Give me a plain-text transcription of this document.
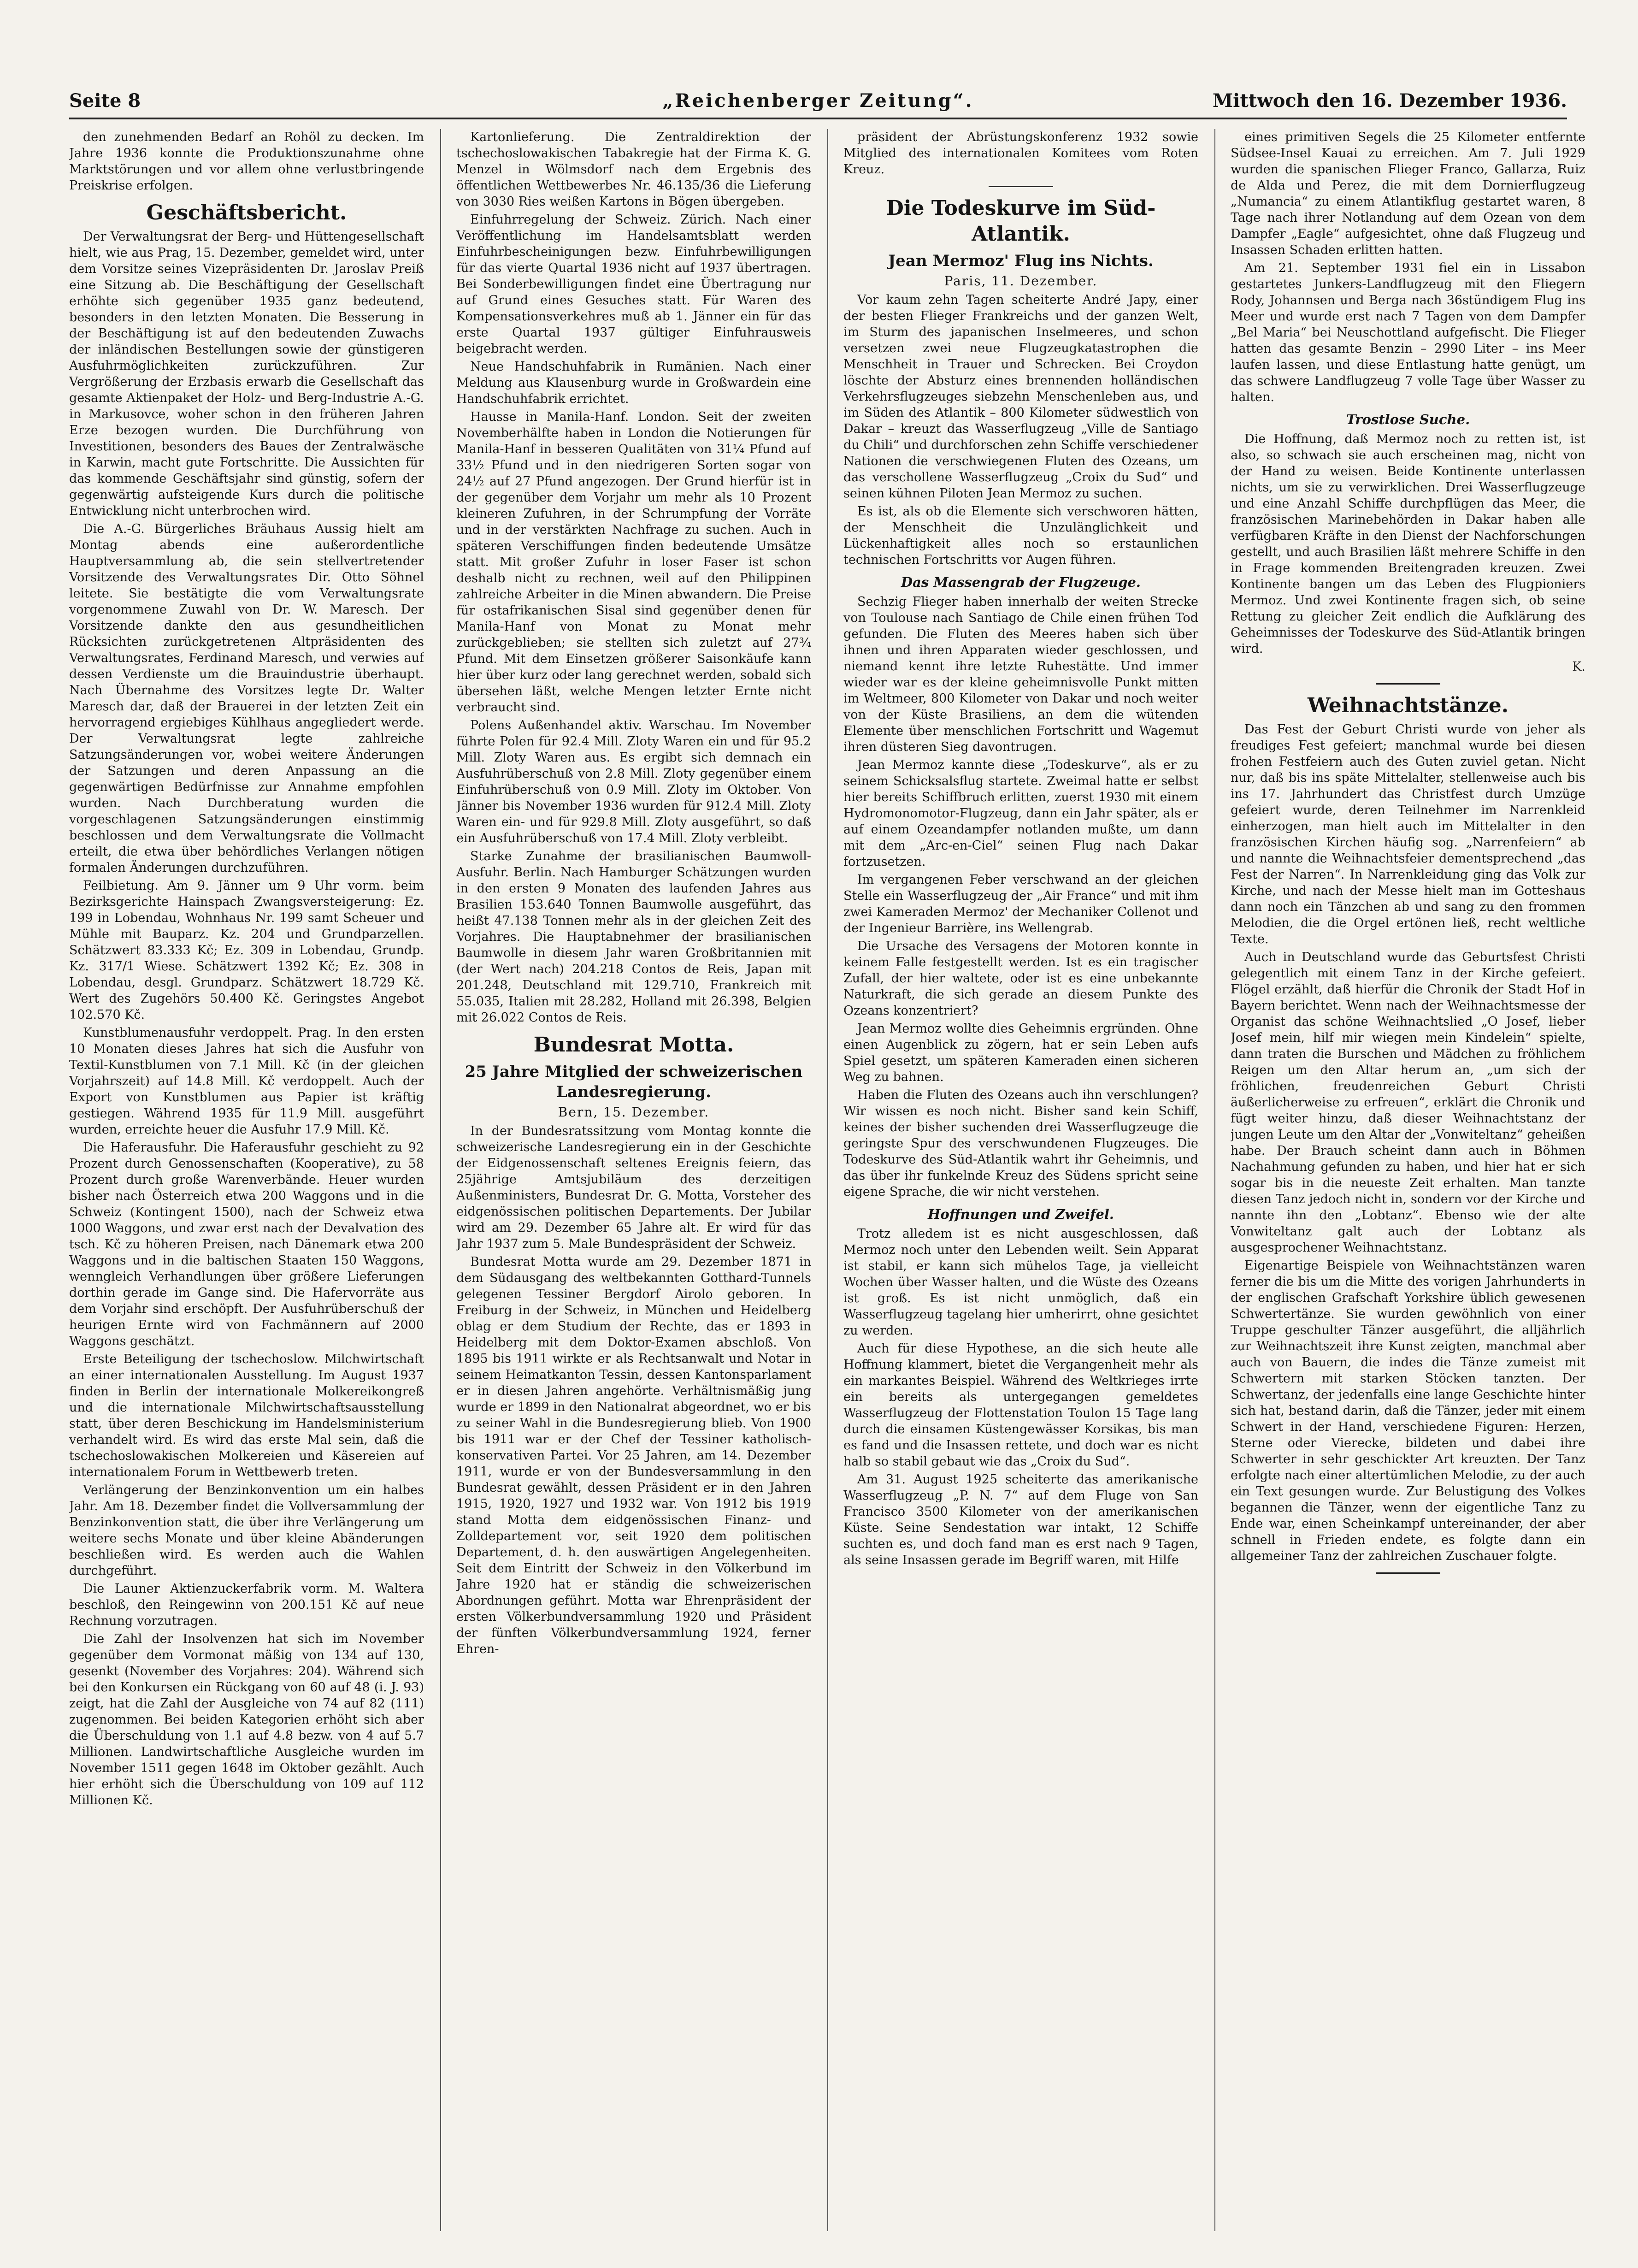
Seite 8	„Reichenberger Zeitung“.	Mittwoch den 16. Dezember 1936.

den zunehmenden Bedarf an Rohöl zu decken. Im Jahre 1936 konnte die Produktionszunahme ohne Marktstörungen und vor allem ohne verlustbringende Preiskrise erfolgen.

Geschäftsbericht.

Der Verwaltungsrat der Berg- und Hüttengesellschaft hielt, wie aus Prag, 15. Dezember, gemeldet wird, unter dem Vorsitze seines Vizepräsidenten Dr. Jaroslav Preiß eine Sitzung ab. Die Beschäftigung der Gesellschaft erhöhte sich gegenüber 1935 ganz bedeutend, besonders in den letzten Monaten. Die Besserung in der Beschäftigung ist auf den bedeutenden Zuwachs der inländischen Bestellungen sowie der günstigeren Ausfuhrmöglichkeiten zurückzuführen. Zur Vergrößerung der Erzbasis erwarb die Gesellschaft das gesamte Aktienpaket der Holz- und Berg-Industrie A.-G. in Markusovce, woher schon in den früheren Jahren Erze bezogen wurden. Die Durchführung von Investitionen, besonders des Baues der Zentralwäsche in Karwin, macht gute Fortschritte. Die Aussichten für das kommende Geschäftsjahr sind günstig, sofern der gegenwärtig aufsteigende Kurs durch die politische Entwicklung nicht unterbrochen wird.

Die A.-G. Bürgerliches Bräuhaus Aussig hielt am Montag abends eine außerordentliche Hauptversammlung ab, die sein stellvertretender Vorsitzende des Verwaltungsrates Dir. Otto Söhnel leitete. Sie bestätigte die vom Verwaltungsrate vorgenommene Zuwahl von Dr. W. Maresch. Der Vorsitzende dankte den aus gesundheitlichen Rücksichten zurückgetretenen Altpräsidenten des Verwaltungsrates, Ferdinand Maresch, und verwies auf dessen Verdienste um die Brauindustrie überhaupt. Nach Übernahme des Vorsitzes legte Dr. Walter Maresch dar, daß der Brauerei in der letzten Zeit ein hervorragend ergiebiges Kühlhaus angegliedert werde. Der Verwaltungsrat legte zahlreiche Satzungsänderungen vor, wobei weitere Änderungen der Satzungen und deren Anpassung an die gegenwärtigen Bedürfnisse zur Annahme empfohlen wurden. Nach Durchberatung wurden die vorgeschlagenen Satzungsänderungen einstimmig beschlossen und dem Verwaltungsrate die Vollmacht erteilt, die etwa über behördliches Verlangen nötigen formalen Änderungen durchzuführen.

Feilbietung. Am 9. Jänner um 9 Uhr vorm. beim Bezirksgerichte Hainspach Zwangsversteigerung: Ez. 199 in Lobendau, Wohnhaus Nr. 199 samt Scheuer und Mühle mit Bauparz. Kz. 204 und Grundparzellen. Schätzwert 83.333 Kč; Ez. 309 in Lobendau, Grundp. Kz. 317/1 Wiese. Schätzwert 1392 Kč; Ez. 308 in Lobendau, desgl. Grundparz. Schätzwert 18.729 Kč. Wert des Zugehörs 50.400 Kč. Geringstes Angebot 102.570 Kč.

Kunstblumenausfuhr verdoppelt. Prag. In den ersten 10 Monaten dieses Jahres hat sich die Ausfuhr von Textil-Kunstblumen von 7.1 Mill. Kč (in der gleichen Vorjahrszeit) auf 14.8 Mill. Kč verdoppelt. Auch der Export von Kunstblumen aus Papier ist kräftig gestiegen. Während 1935 für 11.9 Mill. ausgeführt wurden, erreichte heuer die Ausfuhr 17.9 Mill. Kč.

Die Haferausfuhr. Die Haferausfuhr geschieht zu 92 Prozent durch Genossenschaften (Kooperative), zu 58 Prozent durch große Warenverbände. Heuer wurden bisher nach Österreich etwa 200 Waggons und in die Schweiz (Kontingent 1500), nach der Schweiz etwa 1000 Waggons, und zwar erst nach der Devalvation des tsch. Kč zu höheren Preisen, nach Dänemark etwa 200 Waggons und in die baltischen Staaten 150 Waggons, wenngleich Verhandlungen über größere Lieferungen dorthin gerade im Gange sind. Die Hafervorräte aus dem Vorjahr sind erschöpft. Der Ausfuhrüberschuß der heurigen Ernte wird von Fachmännern auf 2000 Waggons geschätzt.

Erste Beteiligung der tschechoslow. Milchwirtschaft an einer internationalen Ausstellung. Im August 1937 finden in Berlin der internationale Molkereikongreß und die internationale Milchwirtschaftsausstellung statt, über deren Beschickung im Handelsministerium verhandelt wird. Es wird das erste Mal sein, daß die tschechoslowakischen Molkereien und Käsereien auf internationalem Forum in Wettbewerb treten.

Verlängerung der Benzinkonvention um ein halbes Jahr. Am 18. Dezember findet die Vollversammlung der Benzinkonvention statt, die über ihre Verlängerung um weitere sechs Monate und über kleine Abänderungen beschließen wird. Es werden auch die Wahlen durchgeführt.

Die Launer Aktienzuckerfabrik vorm. M. Waltera beschloß, den Reingewinn von 200.151 Kč auf neue Rechnung vorzutragen.

Die Zahl der Insolvenzen hat sich im November gegenüber dem Vormonat mäßig von 134 auf 130, gesenkt (November des Vorjahres: 204). Während sich bei den Konkursen ein Rückgang von 60 auf 48 (i. J. 93) zeigt, hat die Zahl der Ausgleiche von 74 auf 82 (111) zugenommen. Bei beiden Kategorien erhöht sich aber die Überschuldung von 1.1 auf 4.8 bezw. von 4 auf 5.7 Millionen. Landwirtschaftliche Ausgleiche wurden im November 1511 gegen 1648 im Oktober gezählt. Auch hier erhöht sich die Überschuldung von 109 auf 112 Millionen Kč.

Kartonlieferung. Die Zentraldirektion der tschechoslowakischen Tabakregie hat der Firma K. G. Menzel in Wölmsdorf nach dem Ergebnis des öffentlichen Wettbewerbes Nr. 46.135/36 die Lieferung von 3030 Ries weißen Kartons in Bögen übergeben.

Einfuhrregelung der Schweiz. Zürich. Nach einer Veröffentlichung im Handelsamtsblatt werden Einfuhrbescheinigungen bezw. Einfuhrbewilligungen für das vierte Quartal 1936 nicht auf 1937 übertragen. Bei Sonderbewilligungen findet eine Übertragung nur auf Grund eines Gesuches statt. Für Waren des Kompensationsverkehres muß ab 1. Jänner ein für das erste Quartal 1937 gültiger Einfuhrausweis beigebracht werden.

Neue Handschuhfabrik in Rumänien. Nach einer Meldung aus Klausenburg wurde in Großwardein eine Handschuhfabrik errichtet.

Hausse in Manila-Hanf. London. Seit der zweiten Novemberhälfte haben in London die Notierungen für Manila-Hanf in besseren Qualitäten von 31¼ Pfund auf 33½ Pfund und in den niedrigeren Sorten sogar von 24½ auf 27 Pfund angezogen. Der Grund hierfür ist in der gegenüber dem Vorjahr um mehr als 10 Prozent kleineren Zufuhren, in der Schrumpfung der Vorräte und in der verstärkten Nachfrage zu suchen. Auch in späteren Verschiffungen finden bedeutende Umsätze statt. Mit großer Zufuhr in loser Faser ist schon deshalb nicht zu rechnen, weil auf den Philippinen zahlreiche Arbeiter in die Minen abwandern. Die Preise für ostafrikanischen Sisal sind gegenüber denen für Manila-Hanf von Monat zu Monat mehr zurückgeblieben; sie stellten sich zuletzt auf 27¾ Pfund. Mit dem Einsetzen größerer Saisonkäufe kann hier über kurz oder lang gerechnet werden, sobald sich übersehen läßt, welche Mengen letzter Ernte nicht verbraucht sind.

Polens Außenhandel aktiv. Warschau. Im November führte Polen für 92.4 Mill. Zloty Waren ein und für 95.2 Mill. Zloty Waren aus. Es ergibt sich demnach ein Ausfuhrüberschuß von 2.8 Mill. Zloty gegenüber einem Einfuhrüberschuß von 0.9 Mill. Zloty im Oktober. Von Jänner bis November 1936 wurden für 912.4 Mill. Zloty Waren ein- und für 929.8 Mill. Zloty ausgeführt, so daß ein Ausfuhrüberschuß von 17.4 Mill. Zloty verbleibt.

Starke Zunahme der brasilianischen Baumwoll-Ausfuhr. Berlin. Nach Hamburger Schätzungen wurden in den ersten 9 Monaten des laufenden Jahres aus Brasilien 153.640 Tonnen Baumwolle ausgeführt, das heißt 47.138 Tonnen mehr als in der gleichen Zeit des Vorjahres. Die Hauptabnehmer der brasilianischen Baumwolle in diesem Jahr waren Großbritannien mit (der Wert nach) 204.218 Contos de Reis, Japan mit 201.248, Deutschland mit 129.710, Frankreich mit 55.035, Italien mit 28.282, Holland mit 26.398, Belgien mit 26.022 Contos de Reis.

Bundesrat Motta.
25 Jahre Mitglied der schweizerischen Landesregierung.
Bern, 15. Dezember.

In der Bundesratssitzung vom Montag konnte die schweizerische Landesregierung ein in der Geschichte der Eidgenossenschaft seltenes Ereignis feiern, das 25jährige Amtsjubiläum des derzeitigen Außenministers, Bundesrat Dr. G. Motta, Vorsteher des eidgenössischen politischen Departements. Der Jubilar wird am 29. Dezember 65 Jahre alt. Er wird für das Jahr 1937 zum 5. Male Bundespräsident der Schweiz.

Bundesrat Motta wurde am 29. Dezember 1871 in dem Südausgang des weltbekannten Gotthard-Tunnels gelegenen Tessiner Bergdorf Airolo geboren. In Freiburg in der Schweiz, in München und Heidelberg oblag er dem Studium der Rechte, das er 1893 in Heidelberg mit dem Doktor-Examen abschloß. Von 1895 bis 1911 wirkte er als Rechtsanwalt und Notar in seinem Heimatkanton Tessin, dessen Kantonsparlament er in diesen Jahren angehörte. Verhältnismäßig jung wurde er 1899 in den Nationalrat abgeordnet, wo er bis zu seiner Wahl in die Bundesregierung blieb. Von 1900 bis 1911 war er der Chef der Tessiner katholisch-konservativen Partei. Vor 25 Jahren, am 14. Dezember 1911, wurde er von der Bundesversammlung in den Bundesrat gewählt, dessen Präsident er in den Jahren 1915, 1920, 1927 und 1932 war. Von 1912 bis 1919 stand Motta dem eidgenössischen Finanz- und Zolldepartement vor, seit 1920 dem politischen Departement, d. h. den auswärtigen Angelegenheiten. Seit dem Eintritt der Schweiz in den Völkerbund im Jahre 1920 hat er ständig die schweizerischen Abordnungen geführt. Motta war Ehrenpräsident der ersten Völkerbundversammlung 1920 und Präsident der fünften Völkerbundversammlung 1924, ferner Ehren-

präsident der Abrüstungskonferenz 1932 sowie Mitglied des internationalen Komitees vom Roten Kreuz.

Die Todeskurve im Süd-Atlantik.
Jean Mermoz' Flug ins Nichts.
Paris, 11. Dezember.

Vor kaum zehn Tagen scheiterte André Japy, einer der besten Flieger Frankreichs und der ganzen Welt, im Sturm des japanischen Inselmeeres, und schon versetzen zwei neue Flugzeugkatastrophen die Menschheit in Trauer und Schrecken. Bei Croydon löschte der Absturz eines brennenden holländischen Verkehrsflugzeuges siebzehn Menschenleben aus, und im Süden des Atlantik – 800 Kilometer südwestlich von Dakar – kreuzt das Wasserflugzeug „Ville de Santiago du Chili“ und durchforschen zehn Schiffe verschiedener Nationen die verschwiegenen Fluten des Ozeans, um das verschollene Wasserflugzeug „Croix du Sud“ und seinen kühnen Piloten Jean Mermoz zu suchen.

Es ist, als ob die Elemente sich verschworen hätten, der Menschheit die Unzulänglichkeit und Lückenhaftigkeit alles noch so erstaunlichen technischen Fortschritts vor Augen führen.

Das Massengrab der Flugzeuge.

Sechzig Flieger haben innerhalb der weiten Strecke von Toulouse nach Santiago de Chile einen frühen Tod gefunden. Die Fluten des Meeres haben sich über ihnen und ihren Apparaten wieder geschlossen, und niemand kennt ihre letzte Ruhestätte. Und immer wieder war es der kleine geheimnisvolle Punkt mitten im Weltmeer, 800 Kilometer von Dakar und noch weiter von der Küste Brasiliens, an dem die wütenden Elemente über menschlichen Fortschritt und Wagemut ihren düsteren Sieg davontrugen.

Jean Mermoz kannte diese „Todeskurve“, als er zu seinem Schicksalsflug startete. Zweimal hatte er selbst hier bereits Schiffbruch erlitten, zuerst 1930 mit einem Hydromonomotor-Flugzeug, dann ein Jahr später, als er auf einem Ozeandampfer notlanden mußte, um dann mit dem „Arc-en-Ciel“ seinen Flug nach Dakar fortzusetzen.

Im vergangenen Feber verschwand an der gleichen Stelle ein Wasserflugzeug der „Air France“ und mit ihm zwei Kameraden Mermoz' der Mechaniker Collenot und der Ingenieur Barrière, ins Wellengrab.

Die Ursache des Versagens der Motoren konnte in keinem Falle festgestellt werden. Ist es ein tragischer Zufall, der hier waltete, oder ist es eine unbekannte Naturkraft, die sich gerade an diesem Punkte des Ozeans konzentriert?

Jean Mermoz wollte dies Geheimnis ergründen. Ohne einen Augenblick zu zögern, hat er sein Leben aufs Spiel gesetzt, um späteren Kameraden einen sicheren Weg zu bahnen.

Haben die Fluten des Ozeans auch ihn verschlungen? Wir wissen es noch nicht. Bisher sand kein Schiff, keines der bisher suchenden drei Wasserflugzeuge die geringste Spur des verschwundenen Flugzeuges. Die Todeskurve des Süd-Atlantik wahrt ihr Geheimnis, und das über ihr funkelnde Kreuz des Südens spricht seine eigene Sprache, die wir nicht verstehen.

Hoffnungen und Zweifel.

Trotz alledem ist es nicht ausgeschlossen, daß Mermoz noch unter den Lebenden weilt. Sein Apparat ist stabil, er kann sich mühelos Tage, ja vielleicht Wochen über Wasser halten, und die Wüste des Ozeans ist groß. Es ist nicht unmöglich, daß ein Wasserflugzeug tagelang hier umherirrt, ohne gesichtet zu werden.

Auch für diese Hypothese, an die sich heute alle Hoffnung klammert, bietet die Vergangenheit mehr als ein markantes Beispiel. Während des Weltkrieges irrte ein bereits als untergegangen gemeldetes Wasserflugzeug der Flottenstation Toulon 15 Tage lang durch die einsamen Küstengewässer Korsikas, bis man es fand und die Insassen rettete, und doch war es nicht halb so stabil gebaut wie das „Croix du Sud“.

Am 31. August 1925 scheiterte das amerikanische Wasserflugzeug „P. N. 7“ auf dem Fluge von San Francisco 3500 Kilometer von der amerikanischen Küste. Seine Sendestation war intakt, 12 Schiffe suchten es, und doch fand man es erst nach 9 Tagen, als seine Insassen gerade im Begriff waren, mit Hilfe

eines primitiven Segels die 25 Kilometer entfernte Südsee-Insel Kauai zu erreichen. Am 7. Juli 1929 wurden die spanischen Flieger Franco, Gallarza, Ruiz de Alda und Perez, die mit dem Dornierflugzeug „Numancia“ zu einem Atlantikflug gestartet waren, 8 Tage nach ihrer Notlandung auf dem Ozean von dem Dampfer „Eagle“ aufgesichtet, ohne daß Flugzeug und Insassen Schaden erlitten hatten.

Am 21. September 1931 fiel ein in Lissabon gestartetes Junkers-Landflugzeug mit den Fliegern Rody, Johannsen und Berga nach 36stündigem Flug ins Meer und wurde erst nach 7 Tagen von dem Dampfer „Bel Maria“ bei Neuschottland aufgefischt. Die Flieger hatten das gesamte Benzin – 2990 Liter – ins Meer laufen lassen, und diese Entlastung hatte genügt, um das schwere Landflugzeug 7 volle Tage über Wasser zu halten.

Trostlose Suche.

Die Hoffnung, daß Mermoz noch zu retten ist, ist also, so schwach sie auch erscheinen mag, nicht von der Hand zu weisen. Beide Kontinente unterlassen nichts, um sie zu verwirklichen. Drei Wasserflugzeuge und eine Anzahl Schiffe durchpflügen das Meer, die französischen Marinebehörden in Dakar haben alle verfügbaren Kräfte in den Dienst der Nachforschungen gestellt, und auch Brasilien läßt mehrere Schiffe in den in Frage kommenden Breitengraden kreuzen. Zwei Kontinente bangen um das Leben des Flugpioniers Mermoz. Und zwei Kontinente fragen sich, ob seine Rettung zu gleicher Zeit endlich die Aufklärung des Geheimnisses der Todeskurve des Süd-Atlantik bringen wird.

K.

Weihnachtstänze.

Das Fest der Geburt Christi wurde von jeher als freudiges Fest gefeiert; manchmal wurde bei diesen frohen Festfeiern auch des Guten zuviel getan. Nicht nur, daß bis ins späte Mittelalter, stellenweise auch bis ins 17. Jahrhundert das Christfest durch Umzüge gefeiert wurde, deren Teilnehmer im Narrenkleid einherzogen, man hielt auch im Mittelalter in den französischen Kirchen häufig sog. „Narrenfeiern“ ab und nannte die Weihnachtsfeier dementsprechend „das Fest der Narren“. In Narrenkleidung ging das Volk zur Kirche, und nach der Messe hielt man im Gotteshaus dann noch ein Tänzchen ab und sang zu den frommen Melodien, die die Orgel ertönen ließ, recht weltliche Texte.

Auch in Deutschland wurde das Geburtsfest Christi gelegentlich mit einem Tanz in der Kirche gefeiert. Flögel erzählt, daß hierfür die Chronik der Stadt Hof in Bayern berichtet. Wenn nach der Weihnachtsmesse der Organist das schöne Weihnachtslied „O Josef, lieber Josef mein, hilf mir wiegen mein Kindelein“ spielte, dann traten die Burschen und Mädchen zu fröhlichem Reigen um den Altar herum an, „um sich der fröhlichen, freudenreichen Geburt Christi äußerlicherweise zu erfreuen“, erklärt die Chronik und fügt weiter hinzu, daß dieser Weihnachtstanz der jungen Leute um den Altar der „Vonwiteltanz“ geheißen habe. Der Brauch scheint dann auch in Böhmen Nachahmung gefunden zu haben, und hier hat er sich sogar bis in die neueste Zeit erhalten. Man tanzte diesen Tanz jedoch nicht in, sondern vor der Kirche und nannte ihn den „Lobtanz“. Ebenso wie der alte Vonwiteltanz galt auch der Lobtanz als ausgesprochener Weihnachtstanz.

Eigenartige Beispiele von Weihnachtstänzen waren ferner die bis um die Mitte des vorigen Jahrhunderts in der englischen Grafschaft Yorkshire üblich gewesenen Schwertertänze. Sie wurden gewöhnlich von einer Truppe geschulter Tänzer ausgeführt, die alljährlich zur Weihnachtszeit ihre Kunst zeigten, manchmal aber auch von Bauern, die indes die Tänze zumeist mit Schwertern mit starken Stöcken tanzten. Der Schwertanz, der jedenfalls eine lange Geschichte hinter sich hat, bestand darin, daß die Tänzer, jeder mit einem Schwert in der Hand, verschiedene Figuren: Herzen, Sterne oder Vierecke, bildeten und dabei ihre Schwerter in sehr geschickter Art kreuzten. Der Tanz erfolgte nach einer altertümlichen Melodie, zu der auch ein Text gesungen wurde. Zur Belustigung des Volkes begannen die Tänzer, wenn der eigentliche Tanz zu Ende war, einen Scheinkampf untereinander, der aber schnell in Frieden endete, es folgte dann ein allgemeiner Tanz der zahlreichen Zuschauer folgte.
